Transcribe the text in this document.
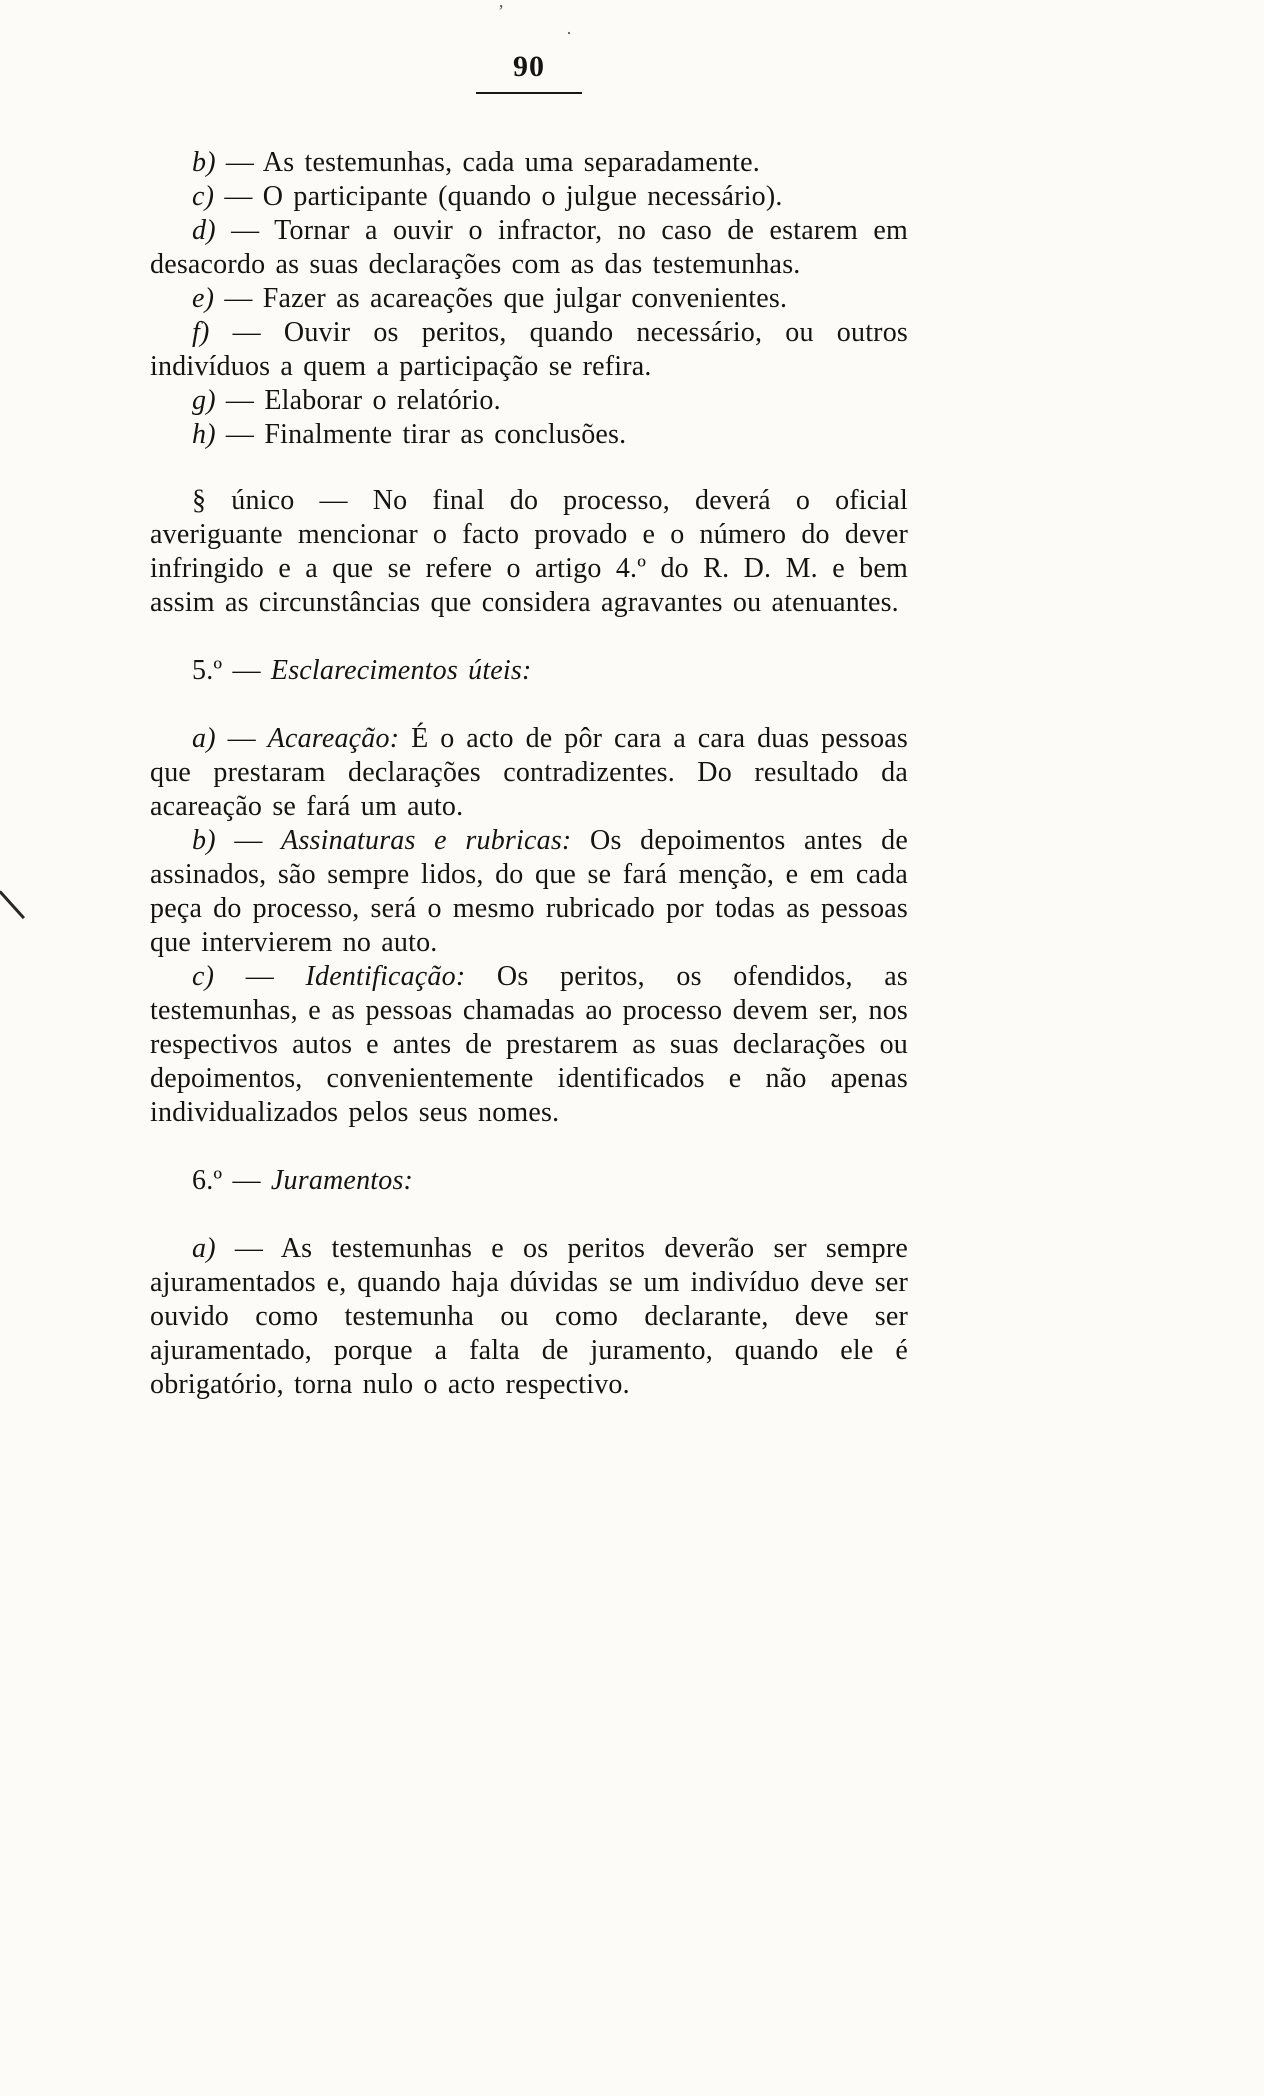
’
·
90

b) — As testemunhas, cada uma separadamente.

c) — O participante (quando o julgue necessário).

d) — Tornar a ouvir o infractor, no caso de estarem em desacordo as suas declarações com as das testemunhas.

e) — Fazer as acareações que julgar convenientes.

f) — Ouvir os peritos, quando necessário, ou outros indivíduos a quem a participação se refira.

g) — Elaborar o relatório.

h) — Finalmente tirar as conclusões.

§ único — No final do processo, deverá o oficial averiguante mencionar o facto provado e o número do dever infringido e a que se refere o artigo 4.º do R. D. M. e bem assim as circunstâncias que considera agravantes ou atenuantes.

5.º — Esclarecimentos úteis:

a) — Acareação: É o acto de pôr cara a cara duas pessoas que prestaram declarações contradizentes. Do resultado da acareação se fará um auto.

b) — Assinaturas e rubricas: Os depoimentos antes de assinados, são sempre lidos, do que se fará menção, e em cada peça do processo, será o mesmo rubricado por todas as pessoas que intervierem no auto.

c) — Identificação: Os peritos, os ofendidos, as testemunhas, e as pessoas chamadas ao processo devem ser, nos respectivos autos e antes de prestarem as suas declarações ou depoimentos, convenientemente identificados e não apenas individualizados pelos seus nomes.

6.º — Juramentos:

a) — As testemunhas e os peritos deverão ser sempre ajuramentados e, quando haja dúvidas se um indivíduo deve ser ouvido como testemunha ou como declarante, deve ser ajuramentado, porque a falta de juramento, quando ele é obrigatório, torna nulo o acto respectivo.
